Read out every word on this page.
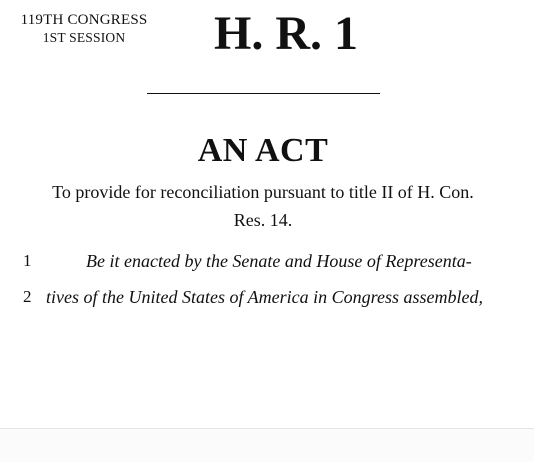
119TH CONGRESS
1ST SESSION	H. R. 1
AN ACT
To provide for reconciliation pursuant to title II of H. Con.
Res. 14.
1	Be it enacted by the Senate and House of Representa-
2 tives of the United States of America in Congress assembled,
